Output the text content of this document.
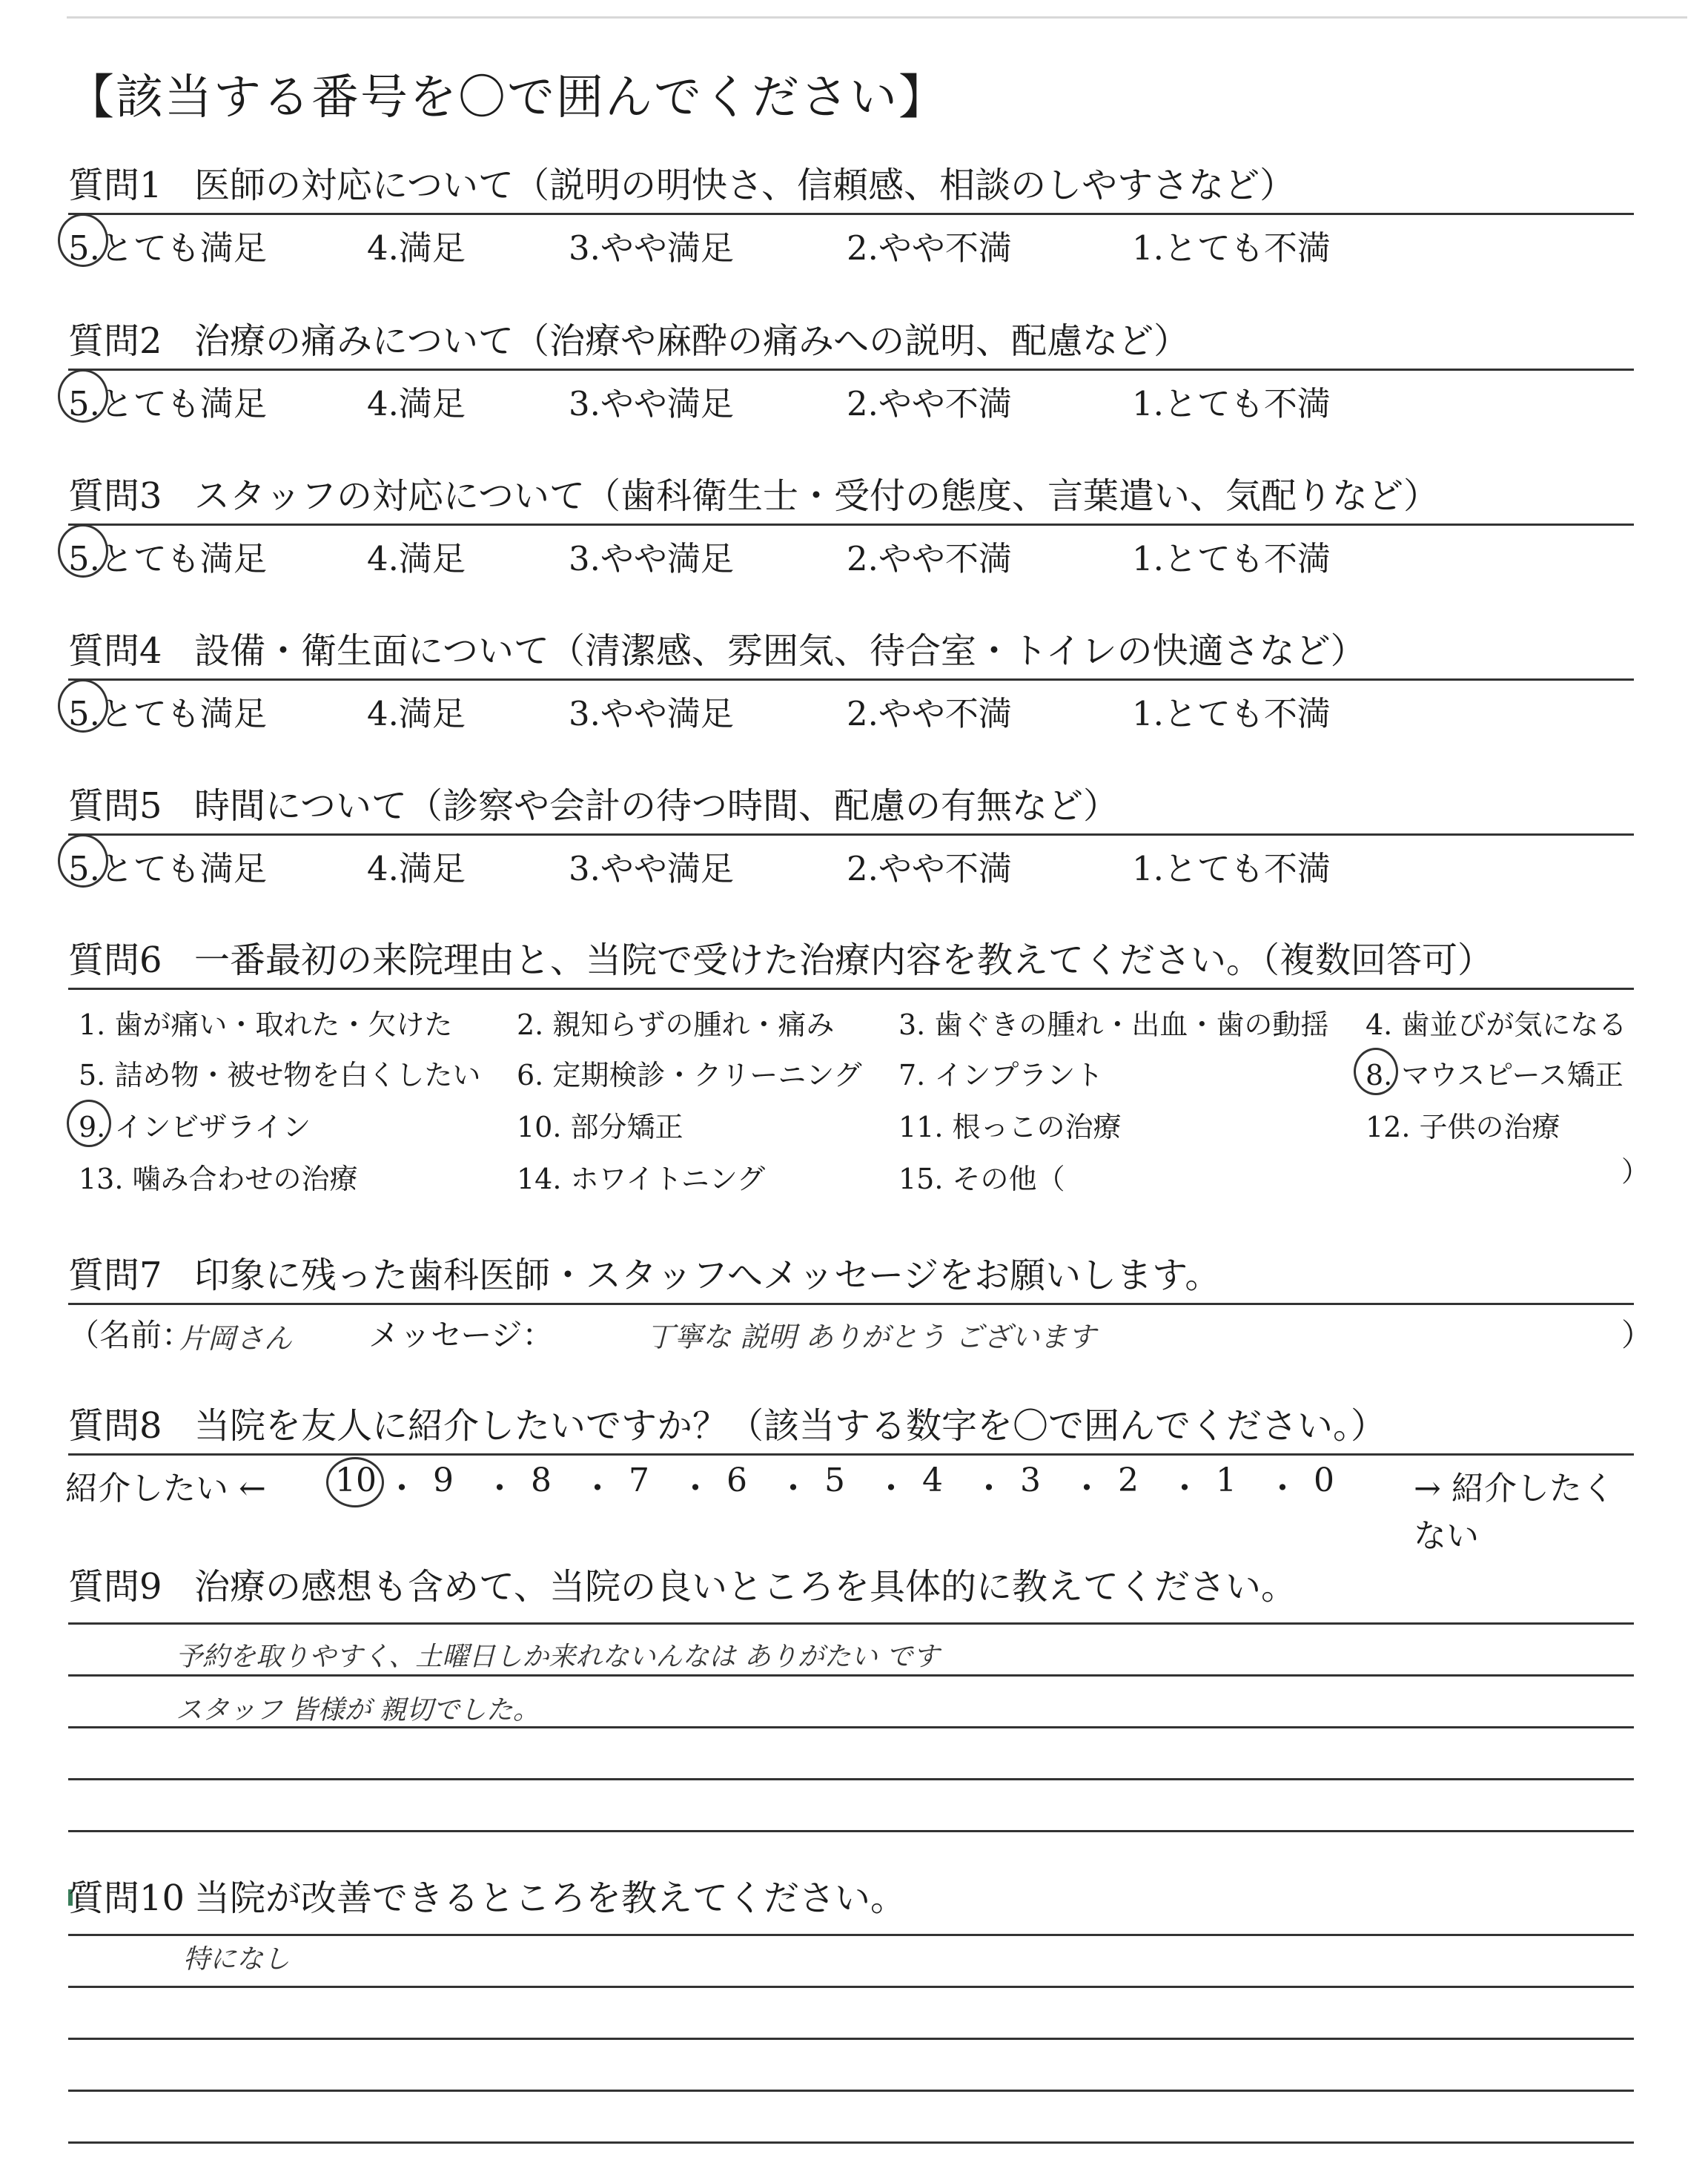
【該当する番号を〇で囲んでください】
質問1 医師の対応について（説明の明快さ、信頼感、相談のしやすさなど）
5.とても満足	4.満足	3.やや満足	2.やや不満	1.とても不満
質問2 治療の痛みについて（治療や麻酔の痛みへの説明、配慮など）
5.とても満足	4.満足	3.やや満足	2.やや不満	1.とても不満
質問3 スタッフの対応について（歯科衛生士・受付の態度、言葉遣い、気配りなど）
5.とても満足	4.満足	3.やや満足	2.やや不満	1.とても不満
質問4 設備・衛生面について（清潔感、雰囲気、待合室・トイレの快適さなど）
5.とても満足	4.満足	3.やや満足	2.やや不満	1.とても不満
質問5 時間について（診察や会計の待つ時間、配慮の有無など）
5.とても満足	4.満足	3.やや満足	2.やや不満	1.とても不満
質問6 一番最初の来院理由と、当院で受けた治療内容を教えてください。（複数回答可）
）
1. 歯が痛い・取れた・欠けた 2. 親知らずの腫れ・痛み 3. 歯ぐきの腫れ・出血・歯の動揺 4. 歯並びが気になる
5. 詰め物・被せ物を白くしたい 6. 定期検診・クリーニング 7. インプラント	8. マウスピース矯正
9. インビザライン	10. 部分矯正	11. 根っこの治療	12. 子供の治療
13. 噛み合わせの治療	14. ホワイトニング	15. その他（
質問7 印象に残った歯科医師・スタッフへメッセージをお願いします。
（名前：
片岡さん メッセージ：	丁寧な 説明 ありがとう ございます	）
質問8 当院を友人に紹介したいですか？（該当する数字を〇で囲んでください。）
紹介したい ←	→ 紹介したくない
10 ・ 9 ・ 8 ・ 7 ・ 6 ・ 5 ・ 4 ・ 3 ・ 2 ・ 1 ・ 0
質問9 治療の感想も含めて、当院の良いところを具体的に教えてください。
予約を取りやすく、土曜日しか来れないんなは ありがたい です
スタッフ 皆様が 親切でした。
質問10 当院が改善できるところを教えてください。
特になし
